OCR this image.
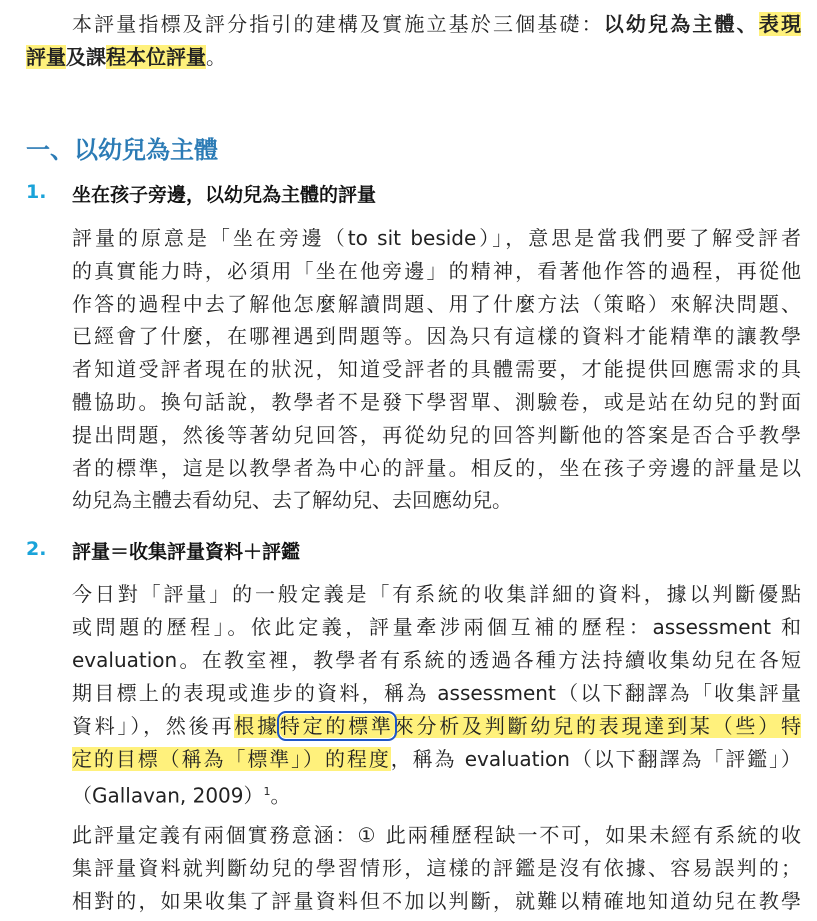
本評量指標及評分指引的建構及實施立基於三個基礎：以幼兒為主體、表現
評量及課程本位評量。
一、以幼兒為主體
1. 坐在孩子旁邊，以幼兒為主體的評量
評量的原意是「坐在旁邊（to sit beside）」，意思是當我們要了解受評者
的真實能力時，必須用「坐在他旁邊」的精神，看著他作答的過程，再從他
作答的過程中去了解他怎麼解讀問題、用了什麼方法（策略）來解決問題、
已經會了什麼，在哪裡遇到問題等。因為只有這樣的資料才能精準的讓教學
者知道受評者現在的狀況，知道受評者的具體需要，才能提供回應需求的具
體協助。換句話說，教學者不是發下學習單、測驗卷，或是站在幼兒的對面
提出問題，然後等著幼兒回答，再從幼兒的回答判斷他的答案是否合乎教學
者的標準，這是以教學者為中心的評量。相反的，坐在孩子旁邊的評量是以
幼兒為主體去看幼兒、去了解幼兒、去回應幼兒。
2. 評量＝收集評量資料＋評鑑
今日對「評量」的一般定義是「有系統的收集詳細的資料，據以判斷優點
或問題的歷程」。依此定義，評量牽涉兩個互補的歷程：assessment 和
evaluation。在教室裡，教學者有系統的透過各種方法持續收集幼兒在各短
期目標上的表現或進步的資料，稱為 assessment（以下翻譯為「收集評量
資料」），然後再根據特定的標準來分析及判斷幼兒的表現達到某（些）特
定的目標（稱為「標準」）的程度，稱為 evaluation（以下翻譯為「評鑑」）
（Gallavan, 2009）$^1$。
此評量定義有兩個實務意涵：① 此兩種歷程缺一不可，如果未經有系統的收
集評量資料就判斷幼兒的學習情形，這樣的評鑑是沒有依據、容易誤判的；
相對的，如果收集了評量資料但不加以判斷，就難以精確地知道幼兒在教學
